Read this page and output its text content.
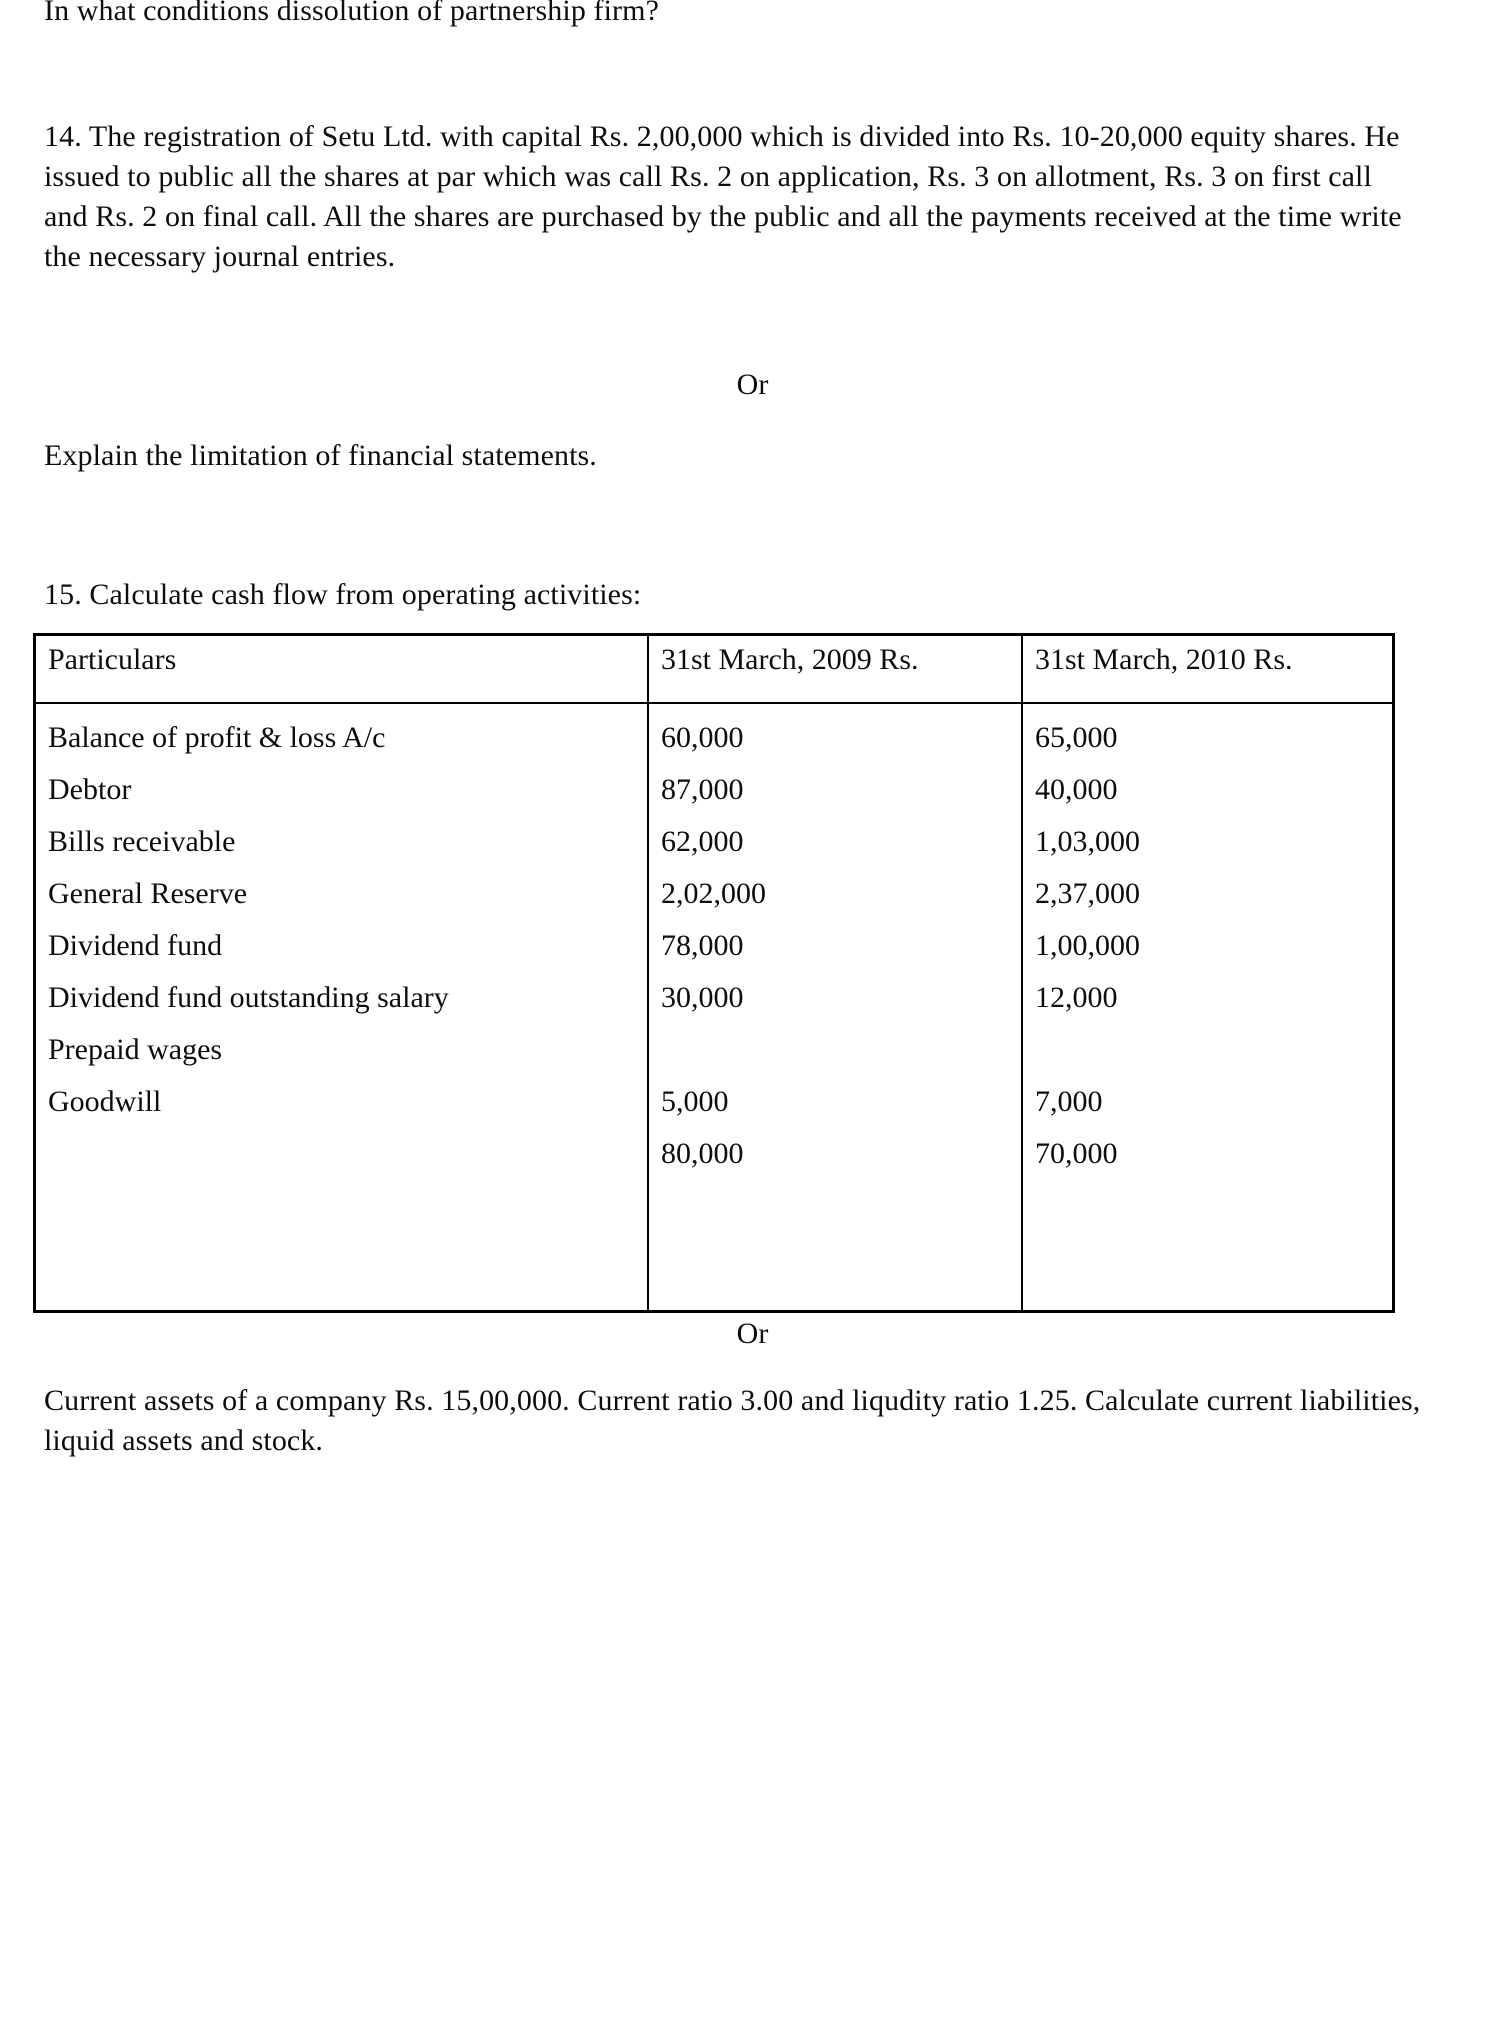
In what conditions dissolution of partnership firm?
14. The registration of Setu Ltd. with capital Rs. 2,00,000 which is divided into Rs. 10-20,000 equity shares. He issued to public all the shares at par which was call Rs. 2 on application, Rs. 3 on allotment, Rs. 3 on first call and Rs. 2 on final call. All the shares are purchased by the public and all the payments received at the time write the necessary journal entries.
Or
Explain the limitation of financial statements.
15. Calculate cash flow from operating activities:
Particulars
Balance of profit & loss A/c
Debtor
Bills receivable
General Reserve
Dividend fund
Dividend fund outstanding salary
Prepaid wages
Goodwill
31st March, 2009 Rs.
60,000
87,000
62,000
2,02,000
78,000
30,000
5,000
80,000
31st March, 2010 Rs.
65,000
40,000
1,03,000
2,37,000
1,00,000
12,000
7,000
70,000
Or
Current assets of a company Rs. 15,00,000. Current ratio 3.00 and liqudity ratio 1.25. Calculate current liabilities, liquid assets and stock.
